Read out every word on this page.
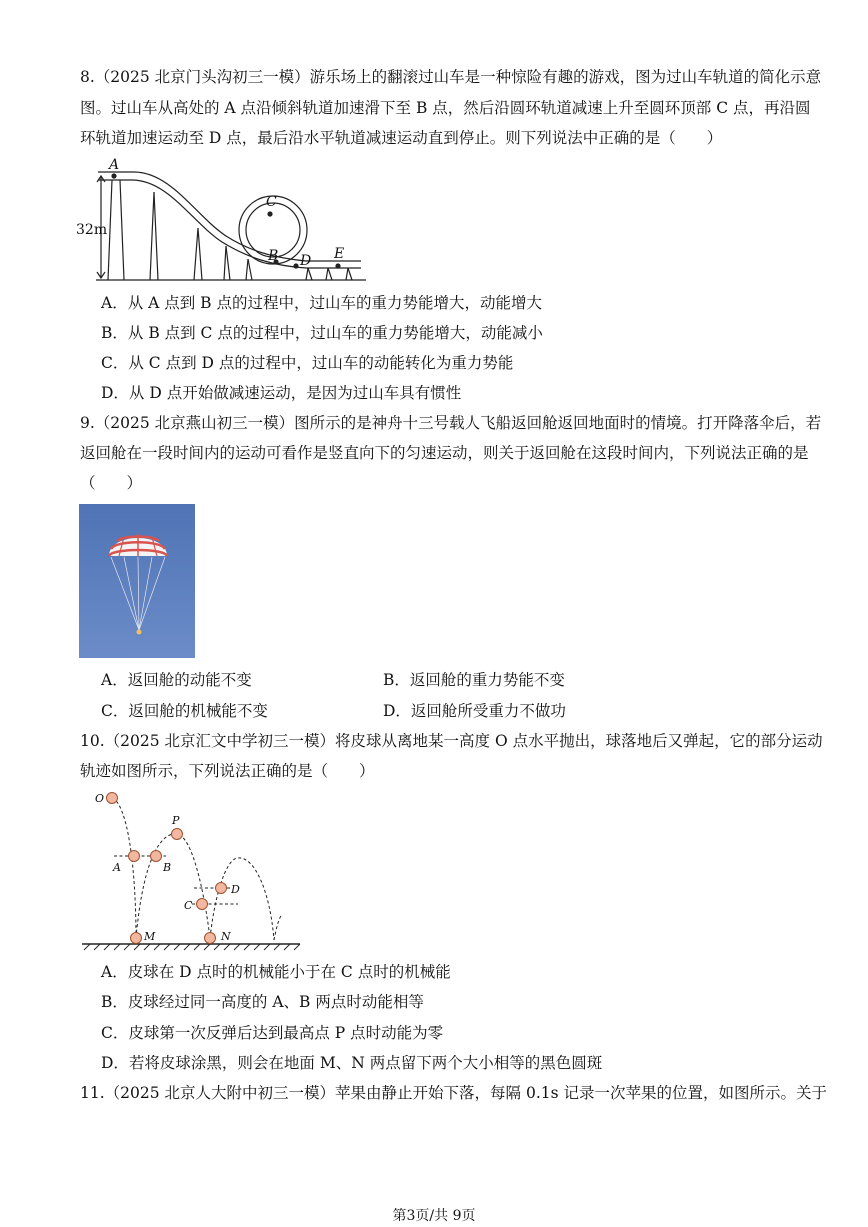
8.（2025 北京门头沟初三一模）游乐场上的翻滚过山车是一种惊险有趣的游戏，图为过山车轨道的简化示意
图。过山车从高处的 A 点沿倾斜轨道加速滑下至 B 点，然后沿圆环轨道减速上升至圆环顶部 C 点，再沿圆
环轨道加速运动至 D 点，最后沿水平轨道减速运动直到停止。则下列说法中正确的是（　　）
A
C
B D E
32m
A．从 A 点到 B 点的过程中，过山车的重力势能增大，动能增大
B．从 B 点到 C 点的过程中，过山车的重力势能增大，动能减小
C．从 C 点到 D 点的过程中，过山车的动能转化为重力势能
D．从 D 点开始做减速运动，是因为过山车具有惯性
9.（2025 北京燕山初三一模）图所示的是神舟十三号载人飞船返回舱返回地面时的情境。打开降落伞后，若
返回舱在一段时间内的运动可看作是竖直向下的匀速运动，则关于返回舱在这段时间内，下列说法正确的是
（　　）
A．返回舱的动能不变	B．返回舱的重力势能不变
C．返回舱的机械能不变	D．返回舱所受重力不做功
10.（2025 北京汇文中学初三一模）将皮球从离地某一高度 O 点水平抛出，球落地后又弹起，它的部分运动
轨迹如图所示，下列说法正确的是（　　）
O
A	B
P
D
C
M	N
A．皮球在 D 点时的机械能小于在 C 点时的机械能
B．皮球经过同一高度的 A、B 两点时动能相等
C．皮球第一次反弹后达到最高点 P 点时动能为零
D．若将皮球涂黑，则会在地面 M、N 两点留下两个大小相等的黑色圆斑
11.（2025 北京人大附中初三一模）苹果由静止开始下落，每隔 0.1s 记录一次苹果的位置，如图所示。关于
第3页/共 9页
